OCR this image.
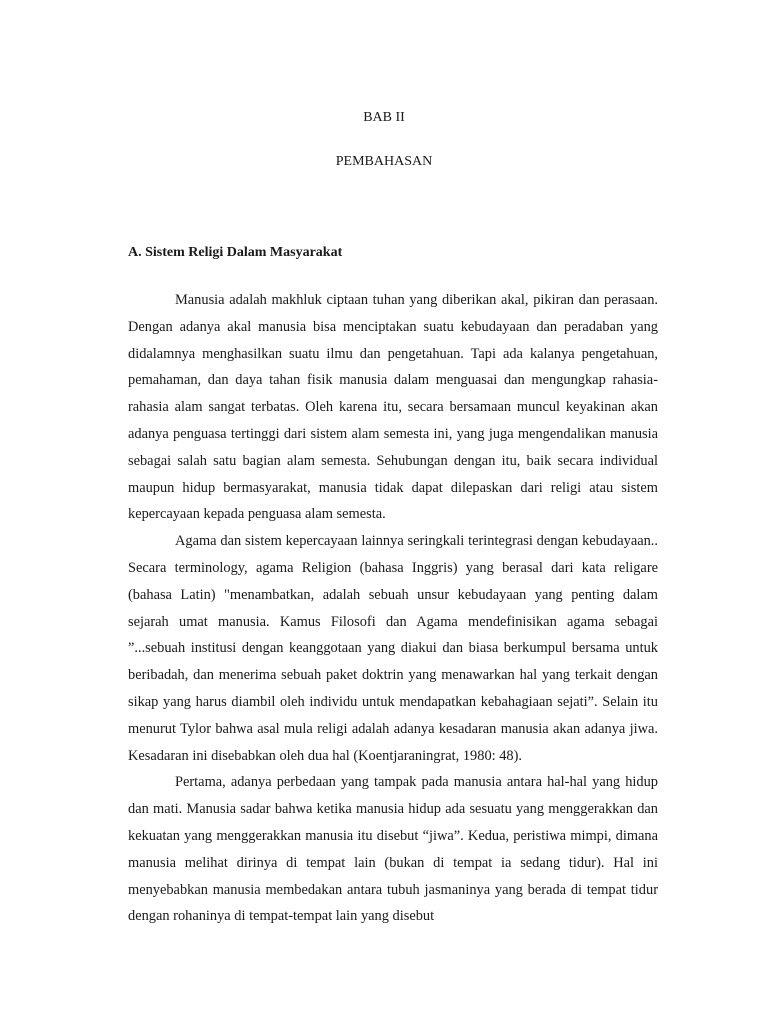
BAB II
PEMBAHASAN
A. Sistem Religi Dalam Masyarakat

Manusia adalah makhluk ciptaan tuhan yang diberikan akal, pikiran dan perasaan. Dengan adanya akal manusia bisa menciptakan suatu kebudayaan dan peradaban yang didalamnya menghasilkan suatu ilmu dan pengetahuan. Tapi ada kalanya pengetahuan, pemahaman, dan daya tahan fisik manusia dalam menguasai dan mengungkap rahasia-rahasia alam sangat terbatas. Oleh karena itu, secara bersamaan muncul keyakinan akan adanya penguasa tertinggi dari sistem alam semesta ini, yang juga mengendalikan manusia sebagai salah satu bagian alam semesta. Sehubungan dengan itu, baik secara individual maupun hidup bermasyarakat, manusia tidak dapat dilepaskan dari religi atau sistem kepercayaan kepada penguasa alam semesta.

Agama dan sistem kepercayaan lainnya seringkali terintegrasi dengan kebudayaan.. Secara terminology, agama Religion (bahasa Inggris) yang berasal dari kata religare (bahasa Latin) "menambatkan, adalah sebuah unsur kebudayaan yang penting dalam sejarah umat manusia. Kamus Filosofi dan Agama mendefinisikan agama sebagai ”...sebuah institusi dengan keanggotaan yang diakui dan biasa berkumpul bersama untuk beribadah, dan menerima sebuah paket doktrin yang menawarkan hal yang terkait dengan sikap yang harus diambil oleh individu untuk mendapatkan kebahagiaan sejati”. Selain itu menurut Tylor bahwa asal mula religi adalah adanya kesadaran manusia akan adanya jiwa. Kesadaran ini disebabkan oleh dua hal (Koentjaraningrat, 1980: 48).

Pertama, adanya perbedaan yang tampak pada manusia antara hal-hal yang hidup dan mati. Manusia sadar bahwa ketika manusia hidup ada sesuatu yang menggerakkan dan kekuatan yang menggerakkan manusia itu disebut “jiwa”. Kedua, peristiwa mimpi, dimana manusia melihat dirinya di tempat lain (bukan di tempat ia sedang tidur). Hal ini menyebabkan manusia membedakan antara tubuh jasmaninya yang berada di tempat tidur dengan rohaninya di tempat-tempat lain yang disebut
